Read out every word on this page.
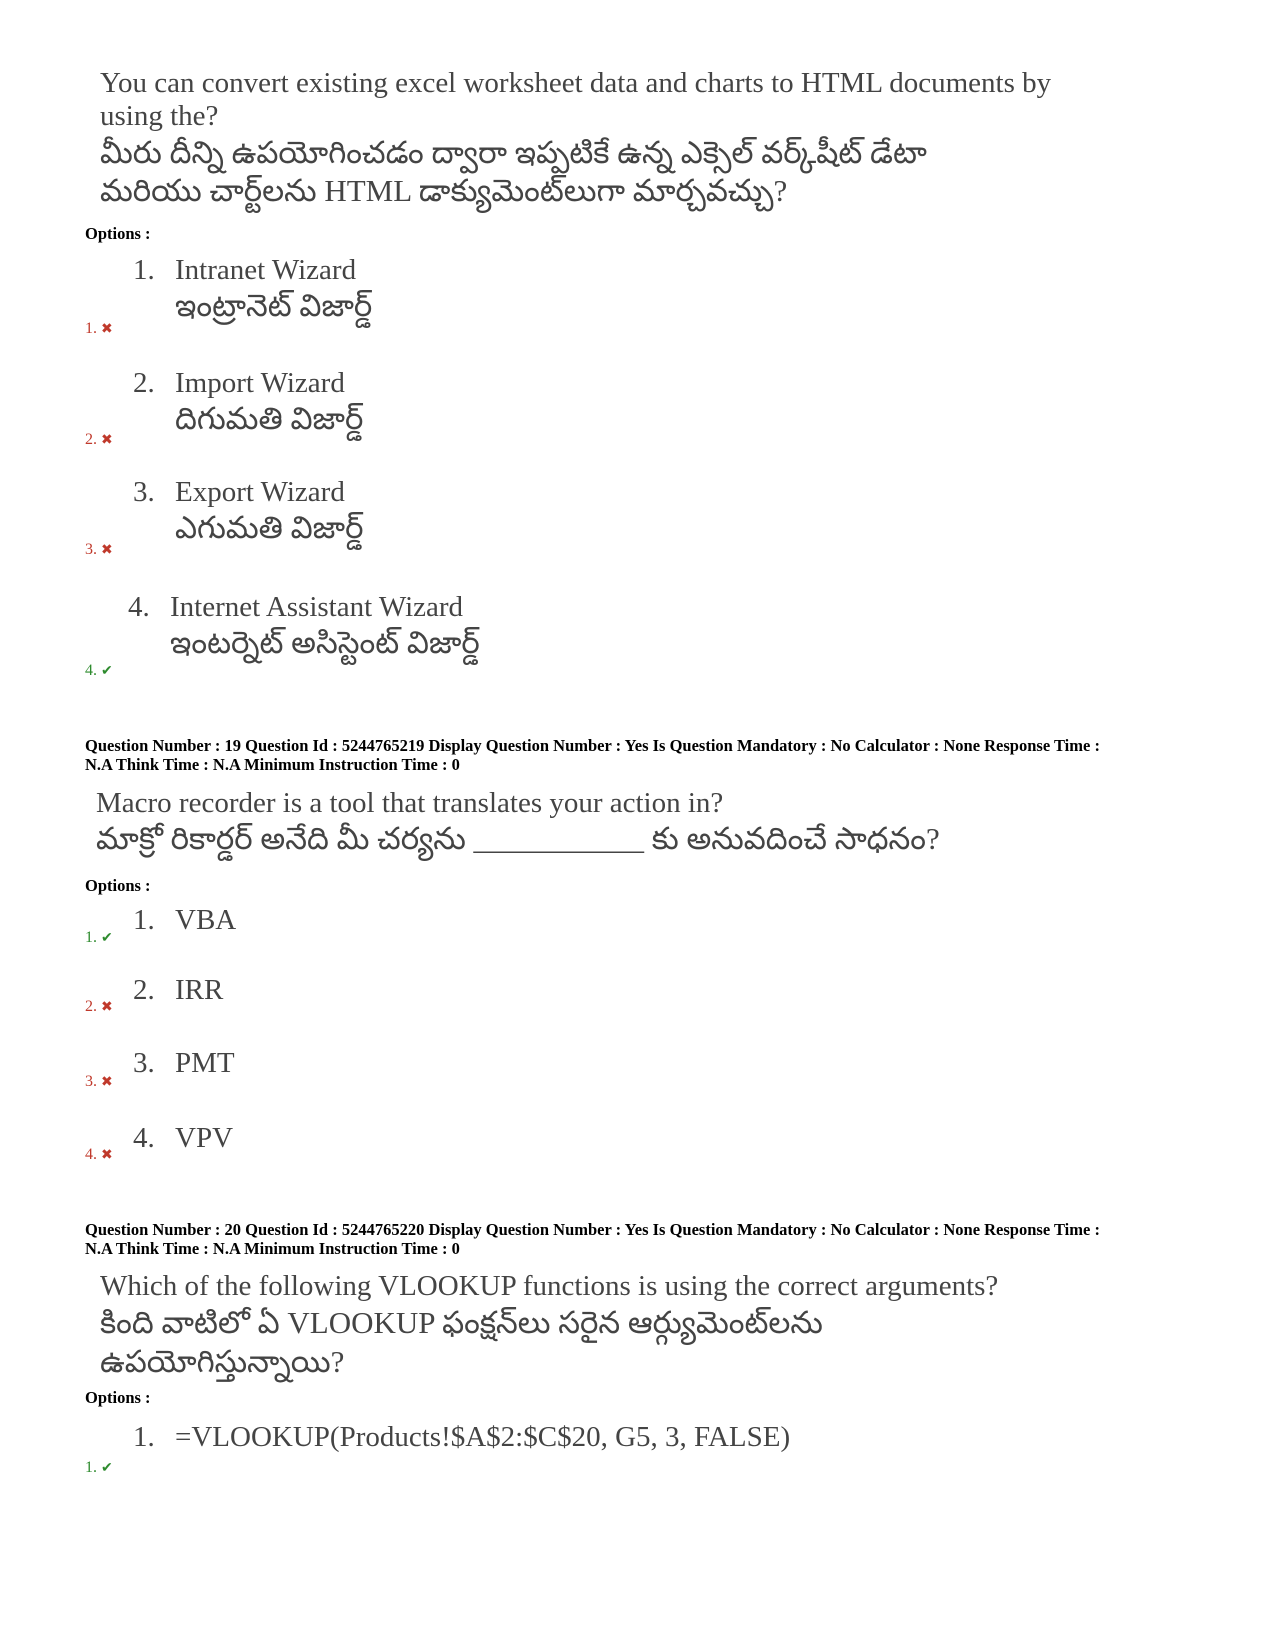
You can convert existing excel worksheet data and charts to HTML documents by
using the?
మీరు దీన్ని ఉపయోగించడం ద్వారా ఇప్పటికే ఉన్న ఎక్సెల్ వర్క్‌షీట్ డేటా
మరియు చార్ట్‌లను HTML డాక్యుమెంట్‌లుగా మార్చవచ్చు?
Options :
1. Intranet Wizard
ఇంట్రానెట్ విజార్డ్
1. ✖
2. Import Wizard
దిగుమతి విజార్డ్
2. ✖
3. Export Wizard
ఎగుమతి విజార్డ్
3. ✖
4. Internet Assistant Wizard
ఇంటర్నెట్ అసిస్టెంట్ విజార్డ్
4. ✔
Question Number : 19 Question Id : 5244765219 Display Question Number : Yes Is Question Mandatory : No Calculator : None Response Time :
N.A Think Time : N.A Minimum Instruction Time : 0
Macro recorder is a tool that translates your action in?
మాక్రో రికార్డర్ అనేది మీ చర్యను ___________ కు అనువదించే సాధనం?
Options :
1. VBA
1. ✔
2. IRR
2. ✖
3. PMT
3. ✖
4. VPV
4. ✖
Question Number : 20 Question Id : 5244765220 Display Question Number : Yes Is Question Mandatory : No Calculator : None Response Time :
N.A Think Time : N.A Minimum Instruction Time : 0
Which of the following VLOOKUP functions is using the correct arguments?
కింది వాటిలో ఏ VLOOKUP ఫంక్షన్‌లు సరైన ఆర్గ్యుమెంట్‌లను
ఉపయోగిస్తున్నాయి?
Options :
1. =VLOOKUP(Products!$A$2:$C$20, G5, 3, FALSE)
1. ✔
